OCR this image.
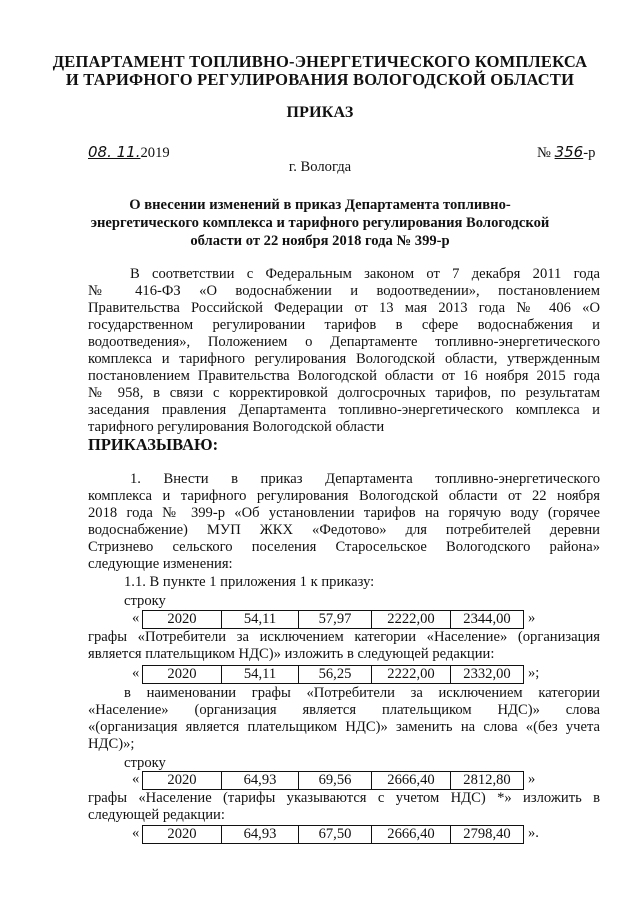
ДЕПАРТАМЕНТ ТОПЛИВНО-ЭНЕРГЕТИЧЕСКОГО КОМПЛЕКСА
И ТАРИФНОГО РЕГУЛИРОВАНИЯ ВОЛОГОДСКОЙ ОБЛАСТИ
ПРИКАЗ
08. 11.2019	№ 356-р
г. Вологда
О внесении изменений в приказ Департамента топливно-
энергетического комплекса и тарифного регулирования Вологодской
области от 22 ноября 2018 года № 399-р
В соответствии с Федеральным законом от 7 декабря 2011 года
№ 416-ФЗ «О водоснабжении и водоотведении», постановлением
Правительства Российской Федерации от 13 мая 2013 года № 406 «О
государственном регулировании тарифов в сфере водоснабжения и
водоотведения», Положением о Департаменте топливно-энергетического
комплекса и тарифного регулирования Вологодской области, утвержденным
постановлением Правительства Вологодской области от 16 ноября 2015 года
№ 958, в связи с корректировкой долгосрочных тарифов, по результатам
заседания правления Департамента топливно-энергетического комплекса и
тарифного регулирования Вологодской области
ПРИКАЗЫВАЮ:
1. Внести в приказ Департамента топливно-энергетического
комплекса и тарифного регулирования Вологодской области от 22 ноября
2018 года № 399-р «Об установлении тарифов на горячую воду (горячее
водоснабжение) МУП ЖКХ «Федотово» для потребителей деревни
Стризнево сельского поселения Старосельское Вологодского района»
следующие изменения:
1.1. В пункте 1 приложения 1 к приказу:
строку
« 2020	54,11	57,97	2222,00	2344,00 »
графы «Потребители за исключением категории «Население» (организация
является плательщиком НДС)» изложить в следующей редакции:
« 2020	54,11	56,25	2222,00	2332,00 »;
в наименовании графы «Потребители за исключением категории
«Население» (организация является плательщиком НДС)» слова
«(организация является плательщиком НДС)» заменить на слова «(без учета
НДС)»;
строку
« 2020	64,93	69,56	2666,40	2812,80 »
графы «Население (тарифы указываются с учетом НДС) *» изложить в
следующей редакции:
« 2020	64,93	67,50	2666,40	2798,40 ».
